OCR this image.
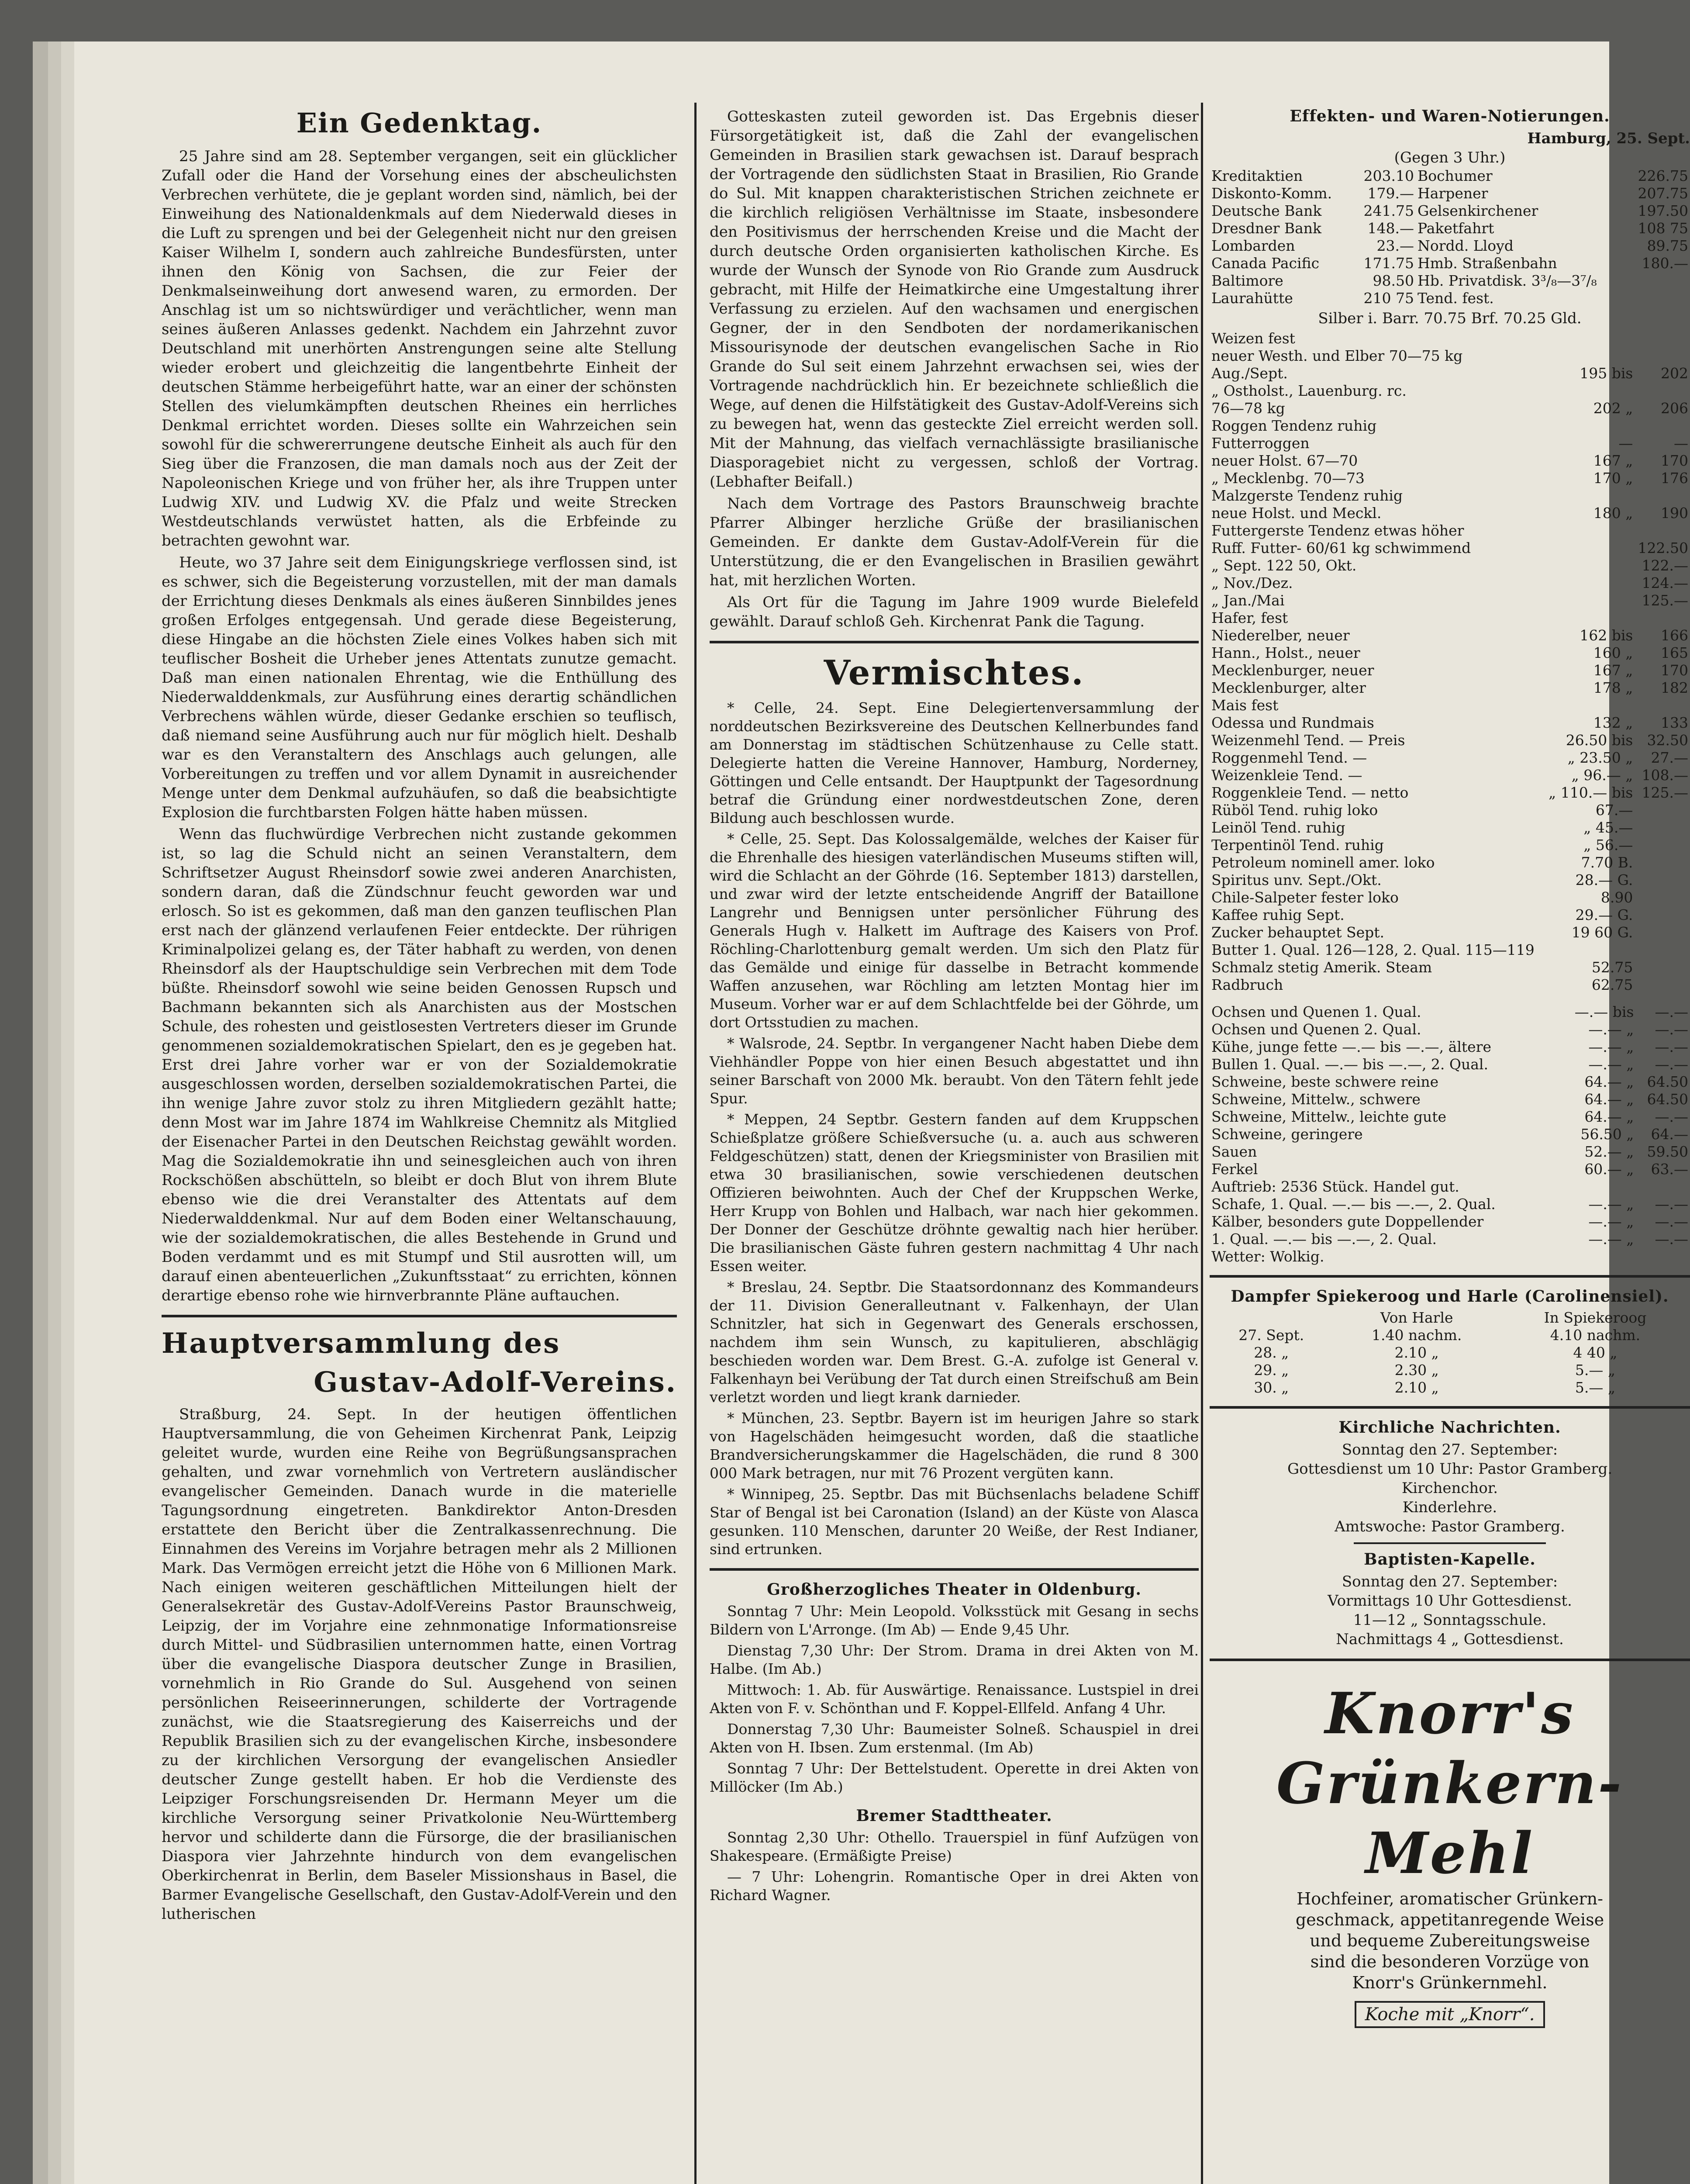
Ein Gedenktag.

25 Jahre sind am 28. September vergangen, seit ein glücklicher Zufall oder die Hand der Vorsehung eines der abscheulichsten Verbrechen verhütete, die je geplant worden sind, nämlich, bei der Einweihung des Nationaldenkmals auf dem Niederwald dieses in die Luft zu sprengen und bei der Gelegenheit nicht nur den greisen Kaiser Wilhelm I, sondern auch zahlreiche Bundesfürsten, unter ihnen den König von Sachsen, die zur Feier der Denkmalseinweihung dort anwesend waren, zu ermorden. Der Anschlag ist um so nichtswürdiger und verächtlicher, wenn man seines äußeren Anlasses gedenkt. Nachdem ein Jahrzehnt zuvor Deutschland mit unerhörten Anstrengungen seine alte Stellung wieder erobert und gleichzeitig die langentbehrte Einheit der deutschen Stämme herbeigeführt hatte, war an einer der schönsten Stellen des vielumkämpften deutschen Rheines ein herrliches Denkmal errichtet worden. Dieses sollte ein Wahrzeichen sein sowohl für die schwererrungene deutsche Einheit als auch für den Sieg über die Franzosen, die man damals noch aus der Zeit der Napoleonischen Kriege und von früher her, als ihre Truppen unter Ludwig XIV. und Ludwig XV. die Pfalz und weite Strecken Westdeutschlands verwüstet hatten, als die Erbfeinde zu betrachten gewohnt war.

Heute, wo 37 Jahre seit dem Einigungskriege verflossen sind, ist es schwer, sich die Begeisterung vorzustellen, mit der man damals der Errichtung dieses Denkmals als eines äußeren Sinnbildes jenes großen Erfolges entgegensah. Und gerade diese Begeisterung, diese Hingabe an die höchsten Ziele eines Volkes haben sich mit teuflischer Bosheit die Urheber jenes Attentats zunutze gemacht. Daß man einen nationalen Ehrentag, wie die Enthüllung des Niederwalddenkmals, zur Ausführung eines derartig schändlichen Verbrechens wählen würde, dieser Gedanke erschien so teuflisch, daß niemand seine Ausführung auch nur für möglich hielt. Deshalb war es den Veranstaltern des Anschlags auch gelungen, alle Vorbereitungen zu treffen und vor allem Dynamit in ausreichender Menge unter dem Denkmal aufzuhäufen, so daß die beabsichtigte Explosion die furchtbarsten Folgen hätte haben müssen.

Wenn das fluchwürdige Verbrechen nicht zustande gekommen ist, so lag die Schuld nicht an seinen Veranstaltern, dem Schriftsetzer August Rheinsdorf sowie zwei anderen Anarchisten, sondern daran, daß die Zündschnur feucht geworden war und erlosch. So ist es gekommen, daß man den ganzen teuflischen Plan erst nach der glänzend verlaufenen Feier entdeckte. Der rührigen Kriminalpolizei gelang es, der Täter habhaft zu werden, von denen Rheinsdorf als der Hauptschuldige sein Verbrechen mit dem Tode büßte. Rheinsdorf sowohl wie seine beiden Genossen Rupsch und Bachmann bekannten sich als Anarchisten aus der Mostschen Schule, des rohesten und geistlosesten Vertreters dieser im Grunde genommenen sozialdemokratischen Spielart, den es je gegeben hat. Erst drei Jahre vorher war er von der Sozialdemokratie ausgeschlossen worden, derselben sozialdemokratischen Partei, die ihn wenige Jahre zuvor stolz zu ihren Mitgliedern gezählt hatte; denn Most war im Jahre 1874 im Wahlkreise Chemnitz als Mitglied der Eisenacher Partei in den Deutschen Reichstag gewählt worden. Mag die Sozialdemokratie ihn und seinesgleichen auch von ihren Rockschößen abschütteln, so bleibt er doch Blut von ihrem Blute ebenso wie die drei Veranstalter des Attentats auf dem Niederwalddenkmal. Nur auf dem Boden einer Weltanschauung, wie der sozialdemokratischen, die alles Bestehende in Grund und Boden verdammt und es mit Stumpf und Stil ausrotten will, um darauf einen abenteuerlichen „Zukunftsstaat“ zu errichten, können derartige ebenso rohe wie hirnverbrannte Pläne auftauchen.

Hauptversammlung des
Gustav-Adolf-Vereins.

Straßburg, 24. Sept. In der heutigen öffentlichen Hauptversammlung, die von Geheimen Kirchenrat Pank, Leipzig geleitet wurde, wurden eine Reihe von Begrüßungsansprachen gehalten, und zwar vornehmlich von Vertretern ausländischer evangelischer Gemeinden. Danach wurde in die materielle Tagungsordnung eingetreten. Bankdirektor Anton-Dresden erstattete den Bericht über die Zentralkassenrechnung. Die Einnahmen des Vereins im Vorjahre betragen mehr als 2 Millionen Mark. Das Vermögen erreicht jetzt die Höhe von 6 Millionen Mark. Nach einigen weiteren geschäftlichen Mitteilungen hielt der Generalsekretär des Gustav-Adolf-Vereins Pastor Braunschweig, Leipzig, der im Vorjahre eine zehnmonatige Informationsreise durch Mittel- und Südbrasilien unternommen hatte, einen Vortrag über die evangelische Diaspora deutscher Zunge in Brasilien, vornehmlich in Rio Grande do Sul. Ausgehend von seinen persönlichen Reiseerinnerungen, schilderte der Vortragende zunächst, wie die Staatsregierung des Kaiserreichs und der Republik Brasilien sich zu der evangelischen Kirche, insbesondere zu der kirchlichen Versorgung der evangelischen Ansiedler deutscher Zunge gestellt haben. Er hob die Verdienste des Leipziger Forschungsreisenden Dr. Hermann Meyer um die kirchliche Versorgung seiner Privatkolonie Neu-Württemberg hervor und schilderte dann die Fürsorge, die der brasilianischen Diaspora vier Jahrzehnte hindurch von dem evangelischen Oberkirchenrat in Berlin, dem Baseler Missionshaus in Basel, die Barmer Evangelische Gesellschaft, den Gustav-Adolf-Verein und den lutherischen

Gotteskasten zuteil geworden ist. Das Ergebnis dieser Fürsorgetätigkeit ist, daß die Zahl der evangelischen Gemeinden in Brasilien stark gewachsen ist. Darauf besprach der Vortragende den südlichsten Staat in Brasilien, Rio Grande do Sul. Mit knappen charakteristischen Strichen zeichnete er die kirchlich religiösen Verhältnisse im Staate, insbesondere den Positivismus der herrschenden Kreise und die Macht der durch deutsche Orden organisierten katholischen Kirche. Es wurde der Wunsch der Synode von Rio Grande zum Ausdruck gebracht, mit Hilfe der Heimatkirche eine Umgestaltung ihrer Verfassung zu erzielen. Auf den wachsamen und energischen Gegner, der in den Sendboten der nordamerikanischen Missourisynode der deutschen evangelischen Sache in Rio Grande do Sul seit einem Jahrzehnt erwachsen sei, wies der Vortragende nachdrücklich hin. Er bezeichnete schließlich die Wege, auf denen die Hilfstätigkeit des Gustav-Adolf-Vereins sich zu bewegen hat, wenn das gesteckte Ziel erreicht werden soll. Mit der Mahnung, das vielfach vernachlässigte brasilianische Diasporagebiet nicht zu vergessen, schloß der Vortrag. (Lebhafter Beifall.)

Nach dem Vortrage des Pastors Braunschweig brachte Pfarrer Albinger herzliche Grüße der brasilianischen Gemeinden. Er dankte dem Gustav-Adolf-Verein für die Unterstützung, die er den Evangelischen in Brasilien gewährt hat, mit herzlichen Worten.

Als Ort für die Tagung im Jahre 1909 wurde Bielefeld gewählt. Darauf schloß Geh. Kirchenrat Pank die Tagung.

Vermischtes.

* Celle, 24. Sept. Eine Delegiertenversammlung der norddeutschen Bezirksvereine des Deutschen Kellnerbundes fand am Donnerstag im städtischen Schützenhause zu Celle statt. Delegierte hatten die Vereine Hannover, Hamburg, Norderney, Göttingen und Celle entsandt. Der Hauptpunkt der Tagesordnung betraf die Gründung einer nordwestdeutschen Zone, deren Bildung auch beschlossen wurde.

* Celle, 25. Sept. Das Kolossalgemälde, welches der Kaiser für die Ehrenhalle des hiesigen vaterländischen Museums stiften will, wird die Schlacht an der Göhrde (16. September 1813) darstellen, und zwar wird der letzte entscheidende Angriff der Bataillone Langrehr und Bennigsen unter persönlicher Führung des Generals Hugh v. Halkett im Auftrage des Kaisers von Prof. Röchling-Charlottenburg gemalt werden. Um sich den Platz für das Gemälde und einige für dasselbe in Betracht kommende Waffen anzusehen, war Röchling am letzten Montag hier im Museum. Vorher war er auf dem Schlachtfelde bei der Göhrde, um dort Ortsstudien zu machen.

* Walsrode, 24. Septbr. In vergangener Nacht haben Diebe dem Viehhändler Poppe von hier einen Besuch abgestattet und ihn seiner Barschaft von 2000 Mk. beraubt. Von den Tätern fehlt jede Spur.

* Meppen, 24 Septbr. Gestern fanden auf dem Kruppschen Schießplatze größere Schießversuche (u. a. auch aus schweren Feldgeschützen) statt, denen der Kriegsminister von Brasilien mit etwa 30 brasilianischen, sowie verschiedenen deutschen Offizieren beiwohnten. Auch der Chef der Kruppschen Werke, Herr Krupp von Bohlen und Halbach, war nach hier gekommen. Der Donner der Geschütze dröhnte gewaltig nach hier herüber. Die brasilianischen Gäste fuhren gestern nachmittag 4 Uhr nach Essen weiter.

* Breslau, 24. Septbr. Die Staatsordonnanz des Kommandeurs der 11. Division Generalleutnant v. Falkenhayn, der Ulan Schnitzler, hat sich in Gegenwart des Generals erschossen, nachdem ihm sein Wunsch, zu kapitulieren, abschlägig beschieden worden war. Dem Brest. G.-A. zufolge ist General v. Falkenhayn bei Verübung der Tat durch einen Streifschuß am Bein verletzt worden und liegt krank darnieder.

* München, 23. Septbr. Bayern ist im heurigen Jahre so stark von Hagelschäden heimgesucht worden, daß die staatliche Brandversicherungskammer die Hagelschäden, die rund 8 300 000 Mark betragen, nur mit 76 Prozent vergüten kann.

* Winnipeg, 25. Septbr. Das mit Büchsenlachs beladene Schiff Star of Bengal ist bei Caronation (Island) an der Küste von Alasca gesunken. 110 Menschen, darunter 20 Weiße, der Rest Indianer, sind ertrunken.

Großherzogliches Theater in Oldenburg.

Sonntag 7 Uhr: Mein Leopold. Volksstück mit Gesang in sechs Bildern von L'Arronge. (Im Ab) — Ende 9,45 Uhr.

Dienstag 7,30 Uhr: Der Strom. Drama in drei Akten von M. Halbe. (Im Ab.)

Mittwoch: 1. Ab. für Auswärtige. Renaissance. Lustspiel in drei Akten von F. v. Schönthan und F. Koppel-Ellfeld. Anfang 4 Uhr.

Donnerstag 7,30 Uhr: Baumeister Solneß. Schauspiel in drei Akten von H. Ibsen. Zum erstenmal. (Im Ab)

Sonntag 7 Uhr: Der Bettelstudent. Operette in drei Akten von Millöcker (Im Ab.)

Bremer Stadttheater.

Sonntag 2,30 Uhr: Othello. Trauerspiel in fünf Aufzügen von Shakespeare. (Ermäßigte Preise)

— 7 Uhr: Lohengrin. Romantische Oper in drei Akten von Richard Wagner.

Effekten- und Waren-Notierungen.
Hamburg, 25. Sept.
(Gegen 3 Uhr.)
Kreditaktien	203.10	Bochumer	226.75
Diskonto-Komm.	179.—	Harpener	207.75
Deutsche Bank	241.75	Gelsenkirchener	197.50
Dresdner Bank	148.—	Paketfahrt	108 75
Lombarden	23.—	Nordd. Lloyd	89.75
Canada Pacific	171.75	Hmb. Straßenbahn	180.—
Baltimore	98.50	Hb. Privatdisk. 3³/₈—3⁷/₈	
Laurahütte	210 75	Tend. fest.	
Silber i. Barr. 70.75 Brf. 70.25 Gld.
Weizen fest		
neuer Westh. und Elber 70—75 kg		
Aug./Sept.	195 bis	202
„ Ostholst., Lauenburg. rc.		
76—78 kg	202 „	206
Roggen Tendenz ruhig		
Futterroggen	—	—
neuer Holst. 67—70	167 „	170
„ Mecklenbg. 70—73	170 „	176
Malzgerste Tendenz ruhig		
neue Holst. und Meckl.	180 „	190
Futtergerste Tendenz etwas höher		
Ruff. Futter- 60/61 kg schwimmend		122.50
„ Sept. 122 50, Okt.		122.—
„ Nov./Dez.		124.—
„ Jan./Mai		125.—
Hafer, fest		
Niederelber, neuer	162 bis	166
Hann., Holst., neuer	160 „	165
Mecklenburger, neuer	167 „	170
Mecklenburger, alter	178 „	182
Mais fest		
Odessa und Rundmais	132 „	133
Weizenmehl Tend. — Preis	26.50 bis	32.50
Roggenmehl Tend. —	„ 23.50 „	27.—
Weizenkleie Tend. —	„ 96.— „	108.—
Roggenkleie Tend. — netto	„ 110.— bis	125.—
Rüböl Tend. ruhig loko	67.—	
Leinöl Tend. ruhig	„ 45.—	
Terpentinöl Tend. ruhig	„ 56.—	
Petroleum nominell amer. loko	7.70 B.	
Spiritus unv. Sept./Okt.	28.— G.	
Chile-Salpeter fester loko	8.90	
Kaffee ruhig Sept.	29.— G.	
Zucker behauptet Sept.	19 60 G.	
Butter 1. Qual. 126—128, 2. Qual. 115—119		
Schmalz stetig Amerik. Steam	52.75	
Radbruch	62.75	
Ochsen und Quenen 1. Qual.	—.— bis	—.—
Ochsen und Quenen 2. Qual.	—.— „	—.—
Kühe, junge fette —.— bis —.—, ältere	—.— „	—.—
Bullen 1. Qual. —.— bis —.—, 2. Qual.	—.— „	—.—
Schweine, beste schwere reine	64.— „	64.50
Schweine, Mittelw., schwere	64.— „	64.50
Schweine, Mittelw., leichte gute	64.— „	—.—
Schweine, geringere	56.50 „	64.—
Sauen	52.— „	59.50
Ferkel	60.— „	63.—
Auftrieb: 2536 Stück. Handel gut.		
Schafe, 1. Qual. —.— bis —.—, 2. Qual.	—.— „	—.—
Kälber, besonders gute Doppellender	—.— „	—.—
1. Qual. —.— bis —.—, 2. Qual.	—.— „	—.—
Wetter: Wolkig.		
Dampfer Spiekeroog und Harle (Carolinensiel).
	Von Harle	In Spiekeroog
27. Sept.	1.40 nachm.	4.10 nachm.
28. „	2.10 „	4 40 „
29. „	2.30 „	5.— „
30. „	2.10 „	5.— „
Kirchliche Nachrichten.
Sonntag den 27. September:
Gottesdienst um 10 Uhr: Pastor Gramberg.
Kirchenchor.
Kinderlehre.
Amtswoche: Pastor Gramberg.
Baptisten-Kapelle.
Sonntag den 27. September:
Vormittags 10 Uhr Gottesdienst.
11—12 „ Sonntagsschule.
Nachmittags 4 „ Gottesdienst.
Knorr's
Grünkern-
Mehl
Hochfeiner, aromatischer Grünkern-
geschmack, appetitanregende Weise
und bequeme Zubereitungsweise
sind die besonderen Vorzüge von
Knorr's Grünkernmehl.
Koche mit „Knorr“.
